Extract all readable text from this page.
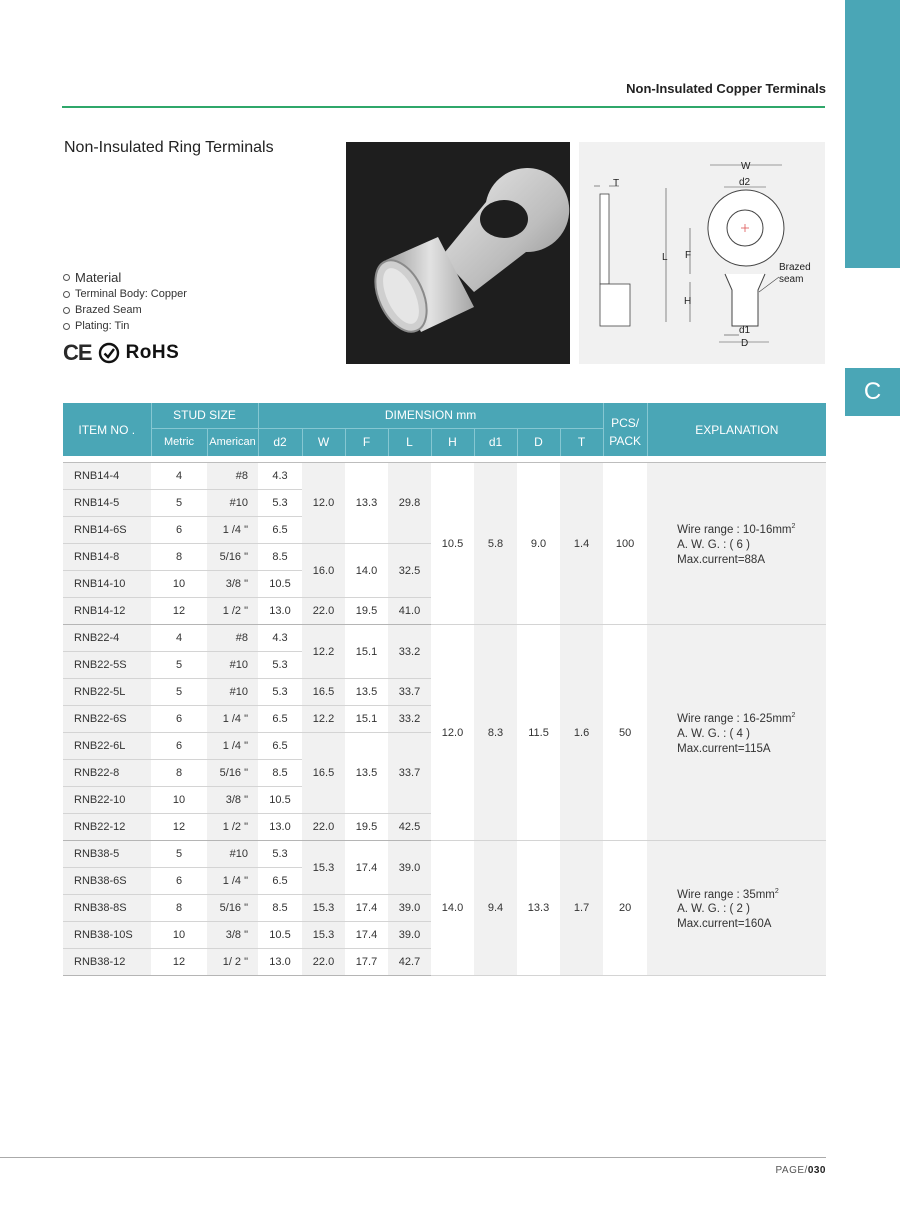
C
Non-Insulated Copper Terminals
Non-Insulated Ring Terminals
Material
Terminal Body: Copper
Brazed Seam
Plating: Tin
CE RoHS
T
W
d2
L F
H
Brazed
seam
d1
D
ITEM NO .	STUD SIZE		DIMENSION mm								PCS/
PACK	EXPLANATION
	Metric	American	d2	W	F	L	H	d1	D	T		

RNB14-4	4	#8	4.3	12.0	13.3	29.8	10.5	5.8	9.0	1.4	100	Wire range : $10-16mm^2$
A. W. G. : ( 6 )
Max.current=88A
RNB14-5	5	#10	5.3									
RNB14-6S	6	1 /4 "	6.5									
RNB14-8	8	5/16 "	8.5	16.0	14.0	32.5						
RNB14-10	10	3/8 "	10.5									
RNB14-12	12	1 /2 "	13.0	22.0	19.5	41.0						
RNB22-4	4	#8	4.3	12.2	15.1	33.2	12.0	8.3	11.5	1.6	50	Wire range : $16-25mm^2$
A. W. G. : ( 4 )
Max.current=115A
RNB22-5S	5	#10	5.3									
RNB22-5L	5	#10	5.3	16.5	13.5	33.7						
RNB22-6S	6	1 /4 "	6.5	12.2	15.1	33.2						
RNB22-6L	6	1 /4 "	6.5	16.5	13.5	33.7						
RNB22-8	8	5/16 "	8.5									
RNB22-10	10	3/8 "	10.5									
RNB22-12	12	1 /2 "	13.0	22.0	19.5	42.5						
RNB38-5	5	#10	5.3	15.3	17.4	39.0	14.0	9.4	13.3	1.7	20	Wire range : $35mm^2$
A. W. G. : ( 2 )
Max.current=160A
RNB38-6S	6	1 /4 "	6.5									
RNB38-8S	8	5/16 "	8.5	15.3	17.4	39.0						
RNB38-10S	10	3/8 "	10.5	15.3	17.4	39.0						
RNB38-12	12	1/ 2 "	13.0	22.0	17.7	42.7						
PAGE/030
